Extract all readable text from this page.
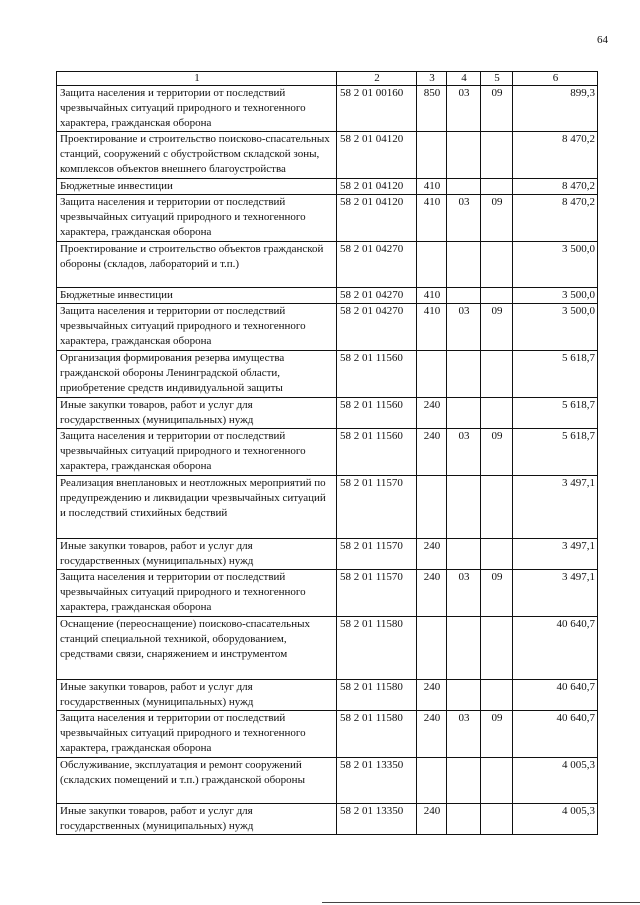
64
1	2	3	4	5	6
Защита населения и территории от последствий чрезвычайных ситуаций природного и техногенного характера, гражданская оборона	58 2 01 00160	850	03	09	899,3
Проектирование и строительство поисково-спасательных станций, сооружений с обустройством складской зоны, комплексов объектов внешнего благоустройства	58 2 01 04120				8 470,2
Бюджетные инвестиции	58 2 01 04120	410			8 470,2
Защита населения и территории от последствий чрезвычайных ситуаций природного и техногенного характера, гражданская оборона	58 2 01 04120	410	03	09	8 470,2
Проектирование и строительство объектов гражданской обороны (складов, лабораторий и т.п.)	58 2 01 04270				3 500,0
Бюджетные инвестиции	58 2 01 04270	410			3 500,0
Защита населения и территории от последствий чрезвычайных ситуаций природного и техногенного характера, гражданская оборона	58 2 01 04270	410	03	09	3 500,0
Организация формирования резерва имущества гражданской обороны Ленинградской области, приобретение средств индивидуальной защиты	58 2 01 11560				5 618,7
Иные закупки товаров, работ и услуг для государственных (муниципальных) нужд	58 2 01 11560	240			5 618,7
Защита населения и территории от последствий чрезвычайных ситуаций природного и техногенного характера, гражданская оборона	58 2 01 11560	240	03	09	5 618,7
Реализация внеплановых и неотложных мероприятий по предупреждению и ликвидации чрезвычайных ситуаций и последствий стихийных бедствий	58 2 01 11570				3 497,1
Иные закупки товаров, работ и услуг для государственных (муниципальных) нужд	58 2 01 11570	240			3 497,1
Защита населения и территории от последствий чрезвычайных ситуаций природного и техногенного характера, гражданская оборона	58 2 01 11570	240	03	09	3 497,1
Оснащение (переоснащение) поисково-спасательных станций специальной техникой, оборудованием, средствами связи, снаряжением и инструментом	58 2 01 11580				40 640,7
Иные закупки товаров, работ и услуг для государственных (муниципальных) нужд	58 2 01 11580	240			40 640,7
Защита населения и территории от последствий чрезвычайных ситуаций природного и техногенного характера, гражданская оборона	58 2 01 11580	240	03	09	40 640,7
Обслуживание, эксплуатация и ремонт сооружений (складских помещений и т.п.) гражданской обороны	58 2 01 13350				4 005,3
Иные закупки товаров, работ и услуг для государственных (муниципальных) нужд	58 2 01 13350	240			4 005,3
